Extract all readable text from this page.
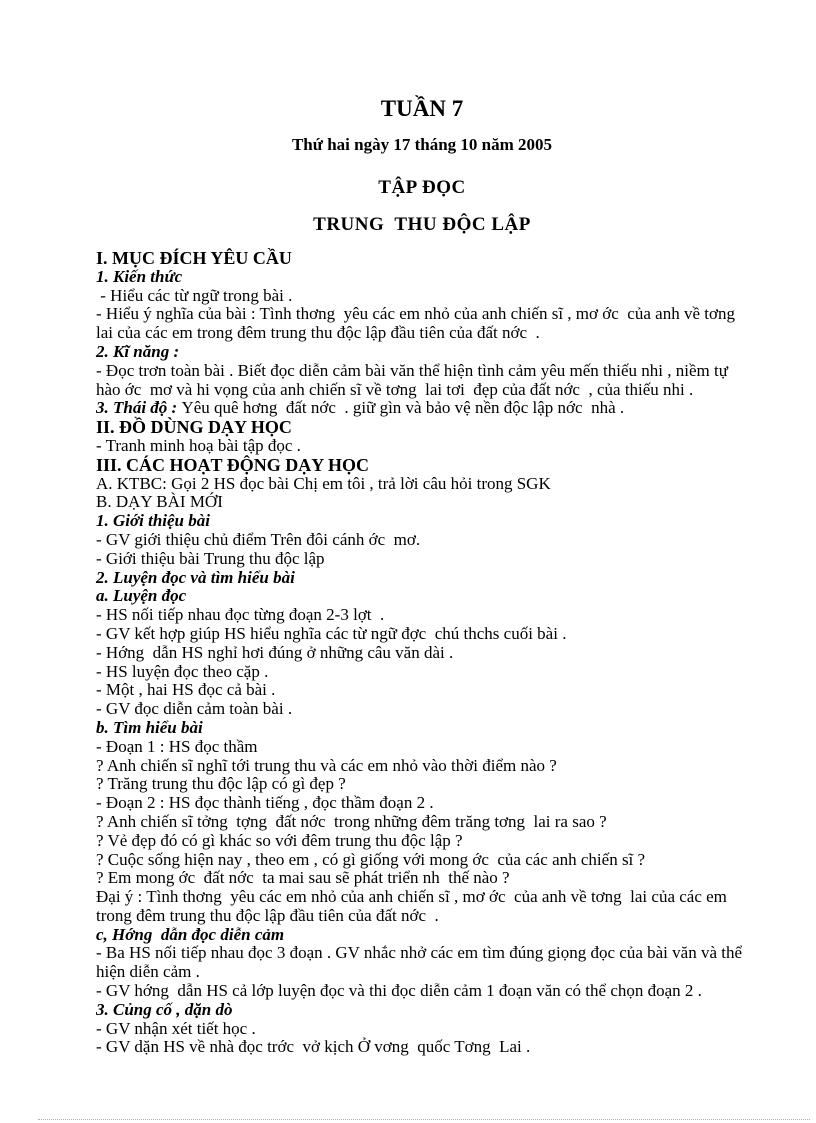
TUẦN 7
Thứ hai ngày 17 tháng 10 năm 2005
TẬP ĐỌC
TRUNG  THU ĐỘC LẬP

I. MỤC ĐÍCH YÊU CẦU

1. Kiến thức

- Hiểu các từ ngữ trong bài .

- Hiểu ý nghĩa của bài : Tình thơng  yêu các em nhỏ của anh chiến sĩ , mơ ớc  của anh về tơng  lai của các em trong đêm trung thu độc lập đầu tiên của đất nớc  .

2. Kĩ năng :

- Đọc trơn toàn bài . Biết đọc diễn cảm bài văn thể hiện tình cảm yêu mến thiếu nhi , niềm tự hào ớc  mơ và hi vọng của anh chiến sĩ về tơng  lai tơi  đẹp của đất nớc  , của thiếu nhi .

3. Thái độ : Yêu quê hơng  đất nớc  . giữ gìn và bảo vệ nền độc lập nớc  nhà .

II. ĐỒ DÙNG DẠY HỌC

- Tranh minh hoạ bài tập đọc .

III. CÁC HOẠT ĐỘNG DẠY HỌC

A. KTBC: Gọi 2 HS đọc bài Chị em tôi , trả lời câu hỏi trong SGK

B. DẠY BÀI MỚI

1. Giới thiệu bài

- GV giới thiệu chủ điểm Trên đôi cánh ớc  mơ.

- Giới thiệu bài Trung thu độc lập

2. Luyện đọc và tìm hiểu bài

a. Luyện đọc

- HS nối tiếp nhau đọc từng đoạn 2-3 lợt  .

- GV kết hợp giúp HS hiểu nghĩa các từ ngữ đợc  chú thchs cuối bài .

- Hớng  dẫn HS nghỉ hơi đúng ở những câu văn dài .

- HS luyện đọc theo cặp .

- Một , hai HS đọc cả bài .

- GV đọc diễn cảm toàn bài .

b. Tìm hiểu bài

- Đoạn 1 : HS đọc thầm

? Anh chiến sĩ nghĩ tới trung thu và các em nhỏ vào thời điểm nào ?

? Trăng trung thu độc lập có gì đẹp ?

- Đoạn 2 : HS đọc thành tiếng , đọc thầm đoạn 2 .

? Anh chiến sĩ tởng  tợng  đất nớc  trong những đêm trăng tơng  lai ra sao ?

? Vẻ đẹp đó có gì khác so với đêm trung thu độc lập ?

? Cuộc sống hiện nay , theo em , có gì giống với mong ớc  của các anh chiến sĩ ?

? Em mong ớc  đất nớc  ta mai sau sẽ phát triển nh  thế nào ?

Đại ý : Tình thơng  yêu các em nhỏ của anh chiến sĩ , mơ ớc  của anh về tơng  lai của các em trong đêm trung thu độc lập đầu tiên của đất nớc  .

c, Hớng  dẫn đọc diễn cảm

- Ba HS nối tiếp nhau đọc 3 đoạn . GV nhắc nhở các em tìm đúng giọng đọc của bài văn và thể hiện diễn cảm .

- GV hớng  dẫn HS cả lớp luyện đọc và thi đọc diễn cảm 1 đoạn văn có thể chọn đoạn 2 .

3. Củng cố , dặn dò

- GV nhận xét tiết học .

- GV dặn HS về nhà đọc trớc  vở kịch Ở vơng  quốc Tơng  Lai .
